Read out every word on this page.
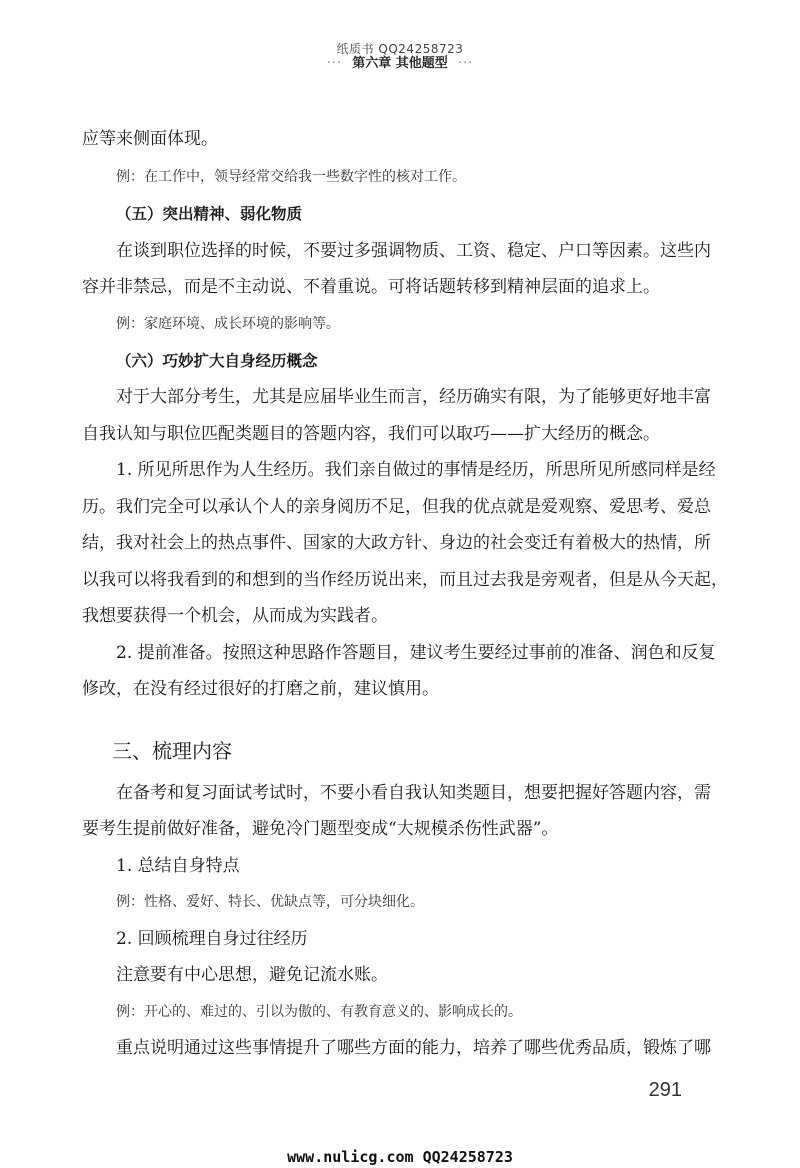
纸质书 QQ24258723
··· 第六章 其他题型 ···
应等来侧面体现。
例：在工作中，领导经常交给我一些数字性的核对工作。
（五）突出精神、弱化物质
在谈到职位选择的时候，不要过多强调物质、工资、稳定、户口等因素。这些内
容并非禁忌，而是不主动说、不着重说。可将话题转移到精神层面的追求上。
例：家庭环境、成长环境的影响等。
（六）巧妙扩大自身经历概念
对于大部分考生，尤其是应届毕业生而言，经历确实有限，为了能够更好地丰富
自我认知与职位匹配类题目的答题内容，我们可以取巧——扩大经历的概念。
1. 所见所思作为人生经历。我们亲自做过的事情是经历，所思所见所感同样是经
历。我们完全可以承认个人的亲身阅历不足，但我的优点就是爱观察、爱思考、爱总
结，我对社会上的热点事件、国家的大政方针、身边的社会变迁有着极大的热情，所
以我可以将我看到的和想到的当作经历说出来，而且过去我是旁观者，但是从今天起，
我想要获得一个机会，从而成为实践者。
2. 提前准备。按照这种思路作答题目，建议考生要经过事前的准备、润色和反复
修改，在没有经过很好的打磨之前，建议慎用。
三、梳理内容
在备考和复习面试考试时，不要小看自我认知类题目，想要把握好答题内容，需
要考生提前做好准备，避免冷门题型变成“大规模杀伤性武器”。
1. 总结自身特点
例：性格、爱好、特长、优缺点等，可分块细化。
2. 回顾梳理自身过往经历
注意要有中心思想，避免记流水账。
例：开心的、难过的、引以为傲的、有教育意义的、影响成长的。
重点说明通过这些事情提升了哪些方面的能力，培养了哪些优秀品质，锻炼了哪
291
www.nulicg.com QQ24258723
